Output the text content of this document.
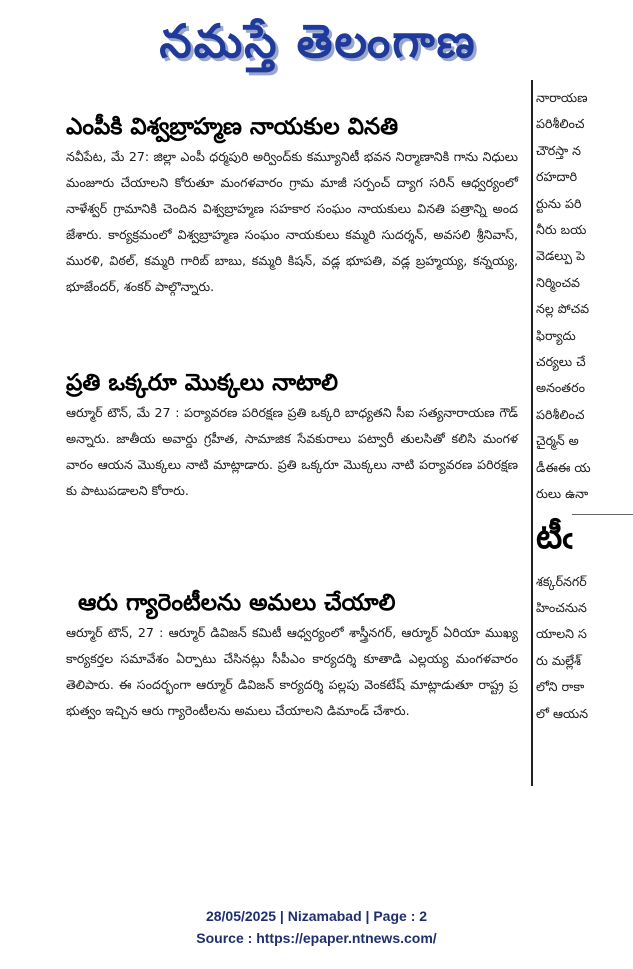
నమస్తే తెలంగాణ
ఎంపీకి విశ్వబ్రాహ్మణ నాయకుల వినతి
నవీపేట, మే 27: జిల్లా ఎంపీ ధర్మపురి అర్వింద్‌కు కమ్యూనిటీ భవన నిర్మాణానికి గాను నిధులు మంజూరు చేయాలని కోరుతూ మంగళవారం గ్రామ మాజీ సర్పంచ్ ద్యాగ సరిన్ ఆధ్వర్యంలో నాళేశ్వర్ గ్రామానికి చెందిన విశ్వబ్రాహ్మణ సహకార సంఘం నాయకులు వినతి పత్రాన్ని అందజేశారు. కార్యక్రమంలో విశ్వబ్రాహ్మణ సంఘం నాయకులు కమ్మరి సుదర్శన్, అవసలి శ్రీనివాస్, మురళి, విఠల్, కమ్మరి గారిబ్ బాబు, కమ్మరి కిషన్, వడ్ల భూపతి, వడ్ల బ్రహ్మయ్య, కన్నయ్య, భూజేందర్, శంకర్ పాల్గొన్నారు.
ప్రతి ఒక్కరూ మొక్కలు నాటాలి
ఆర్మూర్ టౌన్, మే 27 : పర్యావరణ పరిరక్షణ ప్రతి ఒక్కరి బాధ్యతని సీఐ సత్యనారాయణ గౌడ్ అన్నారు. జాతీయ అవార్డు గ్రహీత, సామాజిక సేవకురాలు పట్వారీ తులసితో కలిసి మంగళవారం ఆయన మొక్కలు నాటి మాట్లాడారు. ప్రతి ఒక్కరూ మొక్కలు నాటి పర్యావరణ పరిరక్షణకు పాటుపడాలని కోరారు.
ఆరు గ్యారెంటీలను అమలు చేయాలి
ఆర్మూర్ టౌన్, 27 : ఆర్మూర్ డివిజన్ కమిటీ ఆధ్వర్యంలో శాస్త్రీనగర్, ఆర్మూర్ ఏరియా ముఖ్యకార్యకర్తల సమావేశం ఏర్పాటు చేసినట్లు సీపీఎం కార్యదర్శి కూతాడి ఎల్లయ్య మంగళవారం తెలిపారు. ఈ సందర్భంగా ఆర్మూర్ డివిజన్ కార్యదర్శి పల్లపు వెంకటేష్ మాట్లాడుతూ రాష్ట్ర ప్రభుత్వం ఇచ్చిన ఆరు గ్యారెంటీలను అమలు చేయాలని డిమాండ్ చేశారు.
నారాయణ
పరిశీలించ
చౌరస్తా న
రహదారి
ర్టును పరి
నీరు బయ
వెడల్పు పె
నిర్మించవ
నల్ల పోచవ
ఫిర్యాదు
చర్యలు చే
అనంతరం
పరిశీలించ
చైర్మన్ అ
డీఈఈ య
రులు ఉనా
టీఁ
శక్కర్‌నగర్
హించనున
యాలని స
రు మల్లేశ్
లోని రాకా
లో ఆయన
28/05/2025 | Nizamabad | Page : 2
Source : https://epaper.ntnews.com/
